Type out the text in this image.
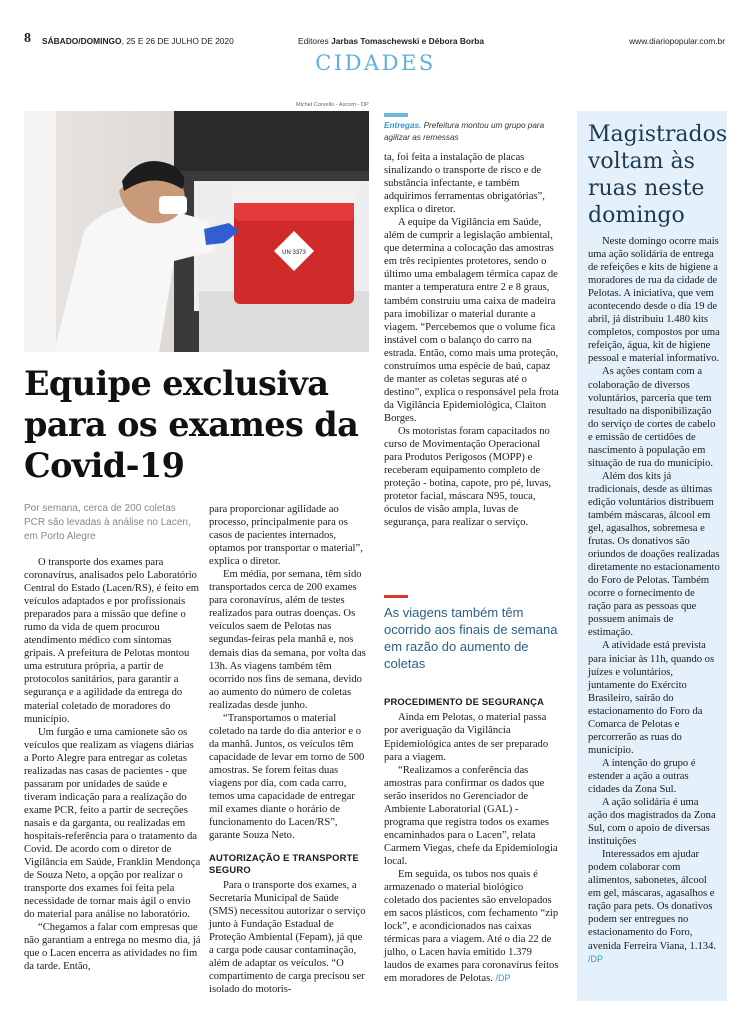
8 SÁBADO/DOMINGO, 25 E 26 DE JULHO DE 2020	Editores Jarbas Tomaschewski e Débora Borba	www.diariopopular.com.br
CIDADES
Michel Corvello - Ascom - DP
UN 3373
Entregas. Prefeitura montou um grupo para agilizar as remessas
Equipe exclusiva para os exames da Covid-19
Por semana, cerca de 200 coletas PCR são levadas à análise no Lacen, em Porto Alegre

O transporte dos exames para coronavírus, analisados pelo Laboratório Central do Estado (Lacen/RS), é feito em veículos adaptados e por profissionais preparados para a missão que define o rumo da vida de quem procurou atendimento médico com sintomas gripais. A prefeitura de Pelotas montou uma estrutura própria, a partir de protocolos sanitários, para garantir a segurança e a agilidade da entrega do material coletado de moradores do município.

Um furgão e uma camionete são os veículos que realizam as viagens diárias a Porto Alegre para entregar as coletas realizadas nas casas de pacientes - que passaram por unidades de saúde e tiveram indicação para a realização do exame PCR, feito a partir de secreções nasais e da garganta, ou realizadas em hospitais-referência para o tratamento da Covid. De acordo com o diretor de Vigilância em Saúde, Franklin Mendonça de Souza Neto, a opção por realizar o transporte dos exames foi feita pela necessidade de tornar mais ágil o envio do material para análise no laboratório.

“Chegamos a falar com empresas que não garantiam a entrega no mesmo dia, já que o Lacen encerra as atividades no fim da tarde. Então,

para proporcionar agilidade ao processo, principalmente para os casos de pacientes internados, optamos por transportar o material”, explica o diretor.

Em média, por semana, têm sido transportados cerca de 200 exames para coronavírus, além de testes realizados para outras doenças. Os veículos saem de Pelotas nas segundas-feiras pela manhã e, nos demais dias da semana, por volta das 13h. As viagens também têm ocorrido nos fins de semana, devido ao aumento do número de coletas realizadas desde junho.

“Transportamos o material coletado na tarde do dia anterior e o da manhã. Juntos, os veículos têm capacidade de levar em torno de 500 amostras. Se forem feitas duas viagens por dia, com cada carro, temos uma capacidade de entregar mil exames diante o horário de funcionamento do Lacen/RS”, garante Souza Neto.

AUTORIZAÇÃO E TRANSPORTE SEGURO

Para o transporte dos exames, a Secretaria Municipal de Saúde (SMS) necessitou autorizar o serviço junto à Fundação Estadual de Proteção Ambiental (Fepam), já que a carga pode causar contaminação, além de adaptar os veículos. “O compartimento de carga precisou ser isolado do motoris-

ta, foi feita a instalação de placas sinalizando o transporte de risco e de substância infectante, e também adquirimos ferramentas obrigatórias”, explica o diretor.

A equipe da Vigilância em Saúde, além de cumprir a legislação ambiental, que determina a colocação das amostras em três recipientes protetores, sendo o último uma embalagem térmica capaz de manter a temperatura entre 2 e 8 graus, também construiu uma caixa de madeira para imobilizar o material durante a viagem. “Percebemos que o volume fica instável com o balanço do carro na estrada. Então, como mais uma proteção, construímos uma espécie de baú, capaz de manter as coletas seguras até o destino”, explica o responsável pela frota da Vigilância Epidemiológica, Claiton Borges.

Os motoristas foram capacitados no curso de Movimentação Operacional para Produtos Perigosos (MOPP) e receberam equipamento completo de proteção - botina, capote, pro pé, luvas, protetor facial, máscara N95, touca, óculos de visão ampla, luvas de segurança, para realizar o serviço.

As viagens também têm ocorrido aos finais de semana em razão do aumento de coletas
PROCEDIMENTO DE SEGURANÇA

Ainda em Pelotas, o material passa por averiguação da Vigilância Epidemiológica antes de ser preparado para a viagem.

“Realizamos a conferência das amostras para confirmar os dados que serão inseridos no Gerenciador de Ambiente Laboratorial (GAL) - programa que registra todos os exames encaminhados para o Lacen”, relata Carmem Viegas, chefe da Epidemiologia local.

Em seguida, os tubos nos quais é armazenado o material biológico coletado dos pacientes são envelopados em sacos plásticos, com fechamento “zip lock”, e acondicionados nas caixas térmicas para a viagem. Até o dia 22 de julho, o Lacen havia emitido 1.379 laudos de exames para coronavírus feitos em moradores de Pelotas. /DP

Magistrados voltam às ruas neste domingo

Neste domingo ocorre mais uma ação solidária de entrega de refeições e kits de higiene a moradores de rua da cidade de Pelotas. A iniciativa, que vem acontecendo desde o dia 19 de abril, já distribuiu 1.480 kits completos, compostos por uma refeição, água, kit de higiene pessoal e material informativo.

As ações contam com a colaboração de diversos voluntários, parceria que tem resultado na disponibilização do serviço de cortes de cabelo e emissão de certidões de nascimento à população em situação de rua do município.

Além dos kits já tradicionais, desde as últimas edição voluntários distribuem também máscaras, álcool em gel, agasalhos, sobremesa e frutas. Os donativos são oriundos de doações realizadas diretamente no estacionamento do Foro de Pelotas. Também ocorre o fornecimento de ração para as pessoas que possuem animais de estimação.

A atividade está prevista para iniciar às 11h, quando os juízes e voluntários, juntamente do Exército Brasileiro, sairão do estacionamento do Foro da Comarca de Pelotas e percorrerão as ruas do município.

A intenção do grupo é estender a ação a outras cidades da Zona Sul.

A ação solidária é uma ação dos magistrados da Zona Sul, com o apoio de diversas instituições

Interessados em ajudar podem colaborar com alimentos, sabonetes, álcool em gel, máscaras, agasalhos e ração para pets. Os donativos podem ser entregues no estacionamento do Foro, avenida Ferreira Viana, 1.134. /DP
